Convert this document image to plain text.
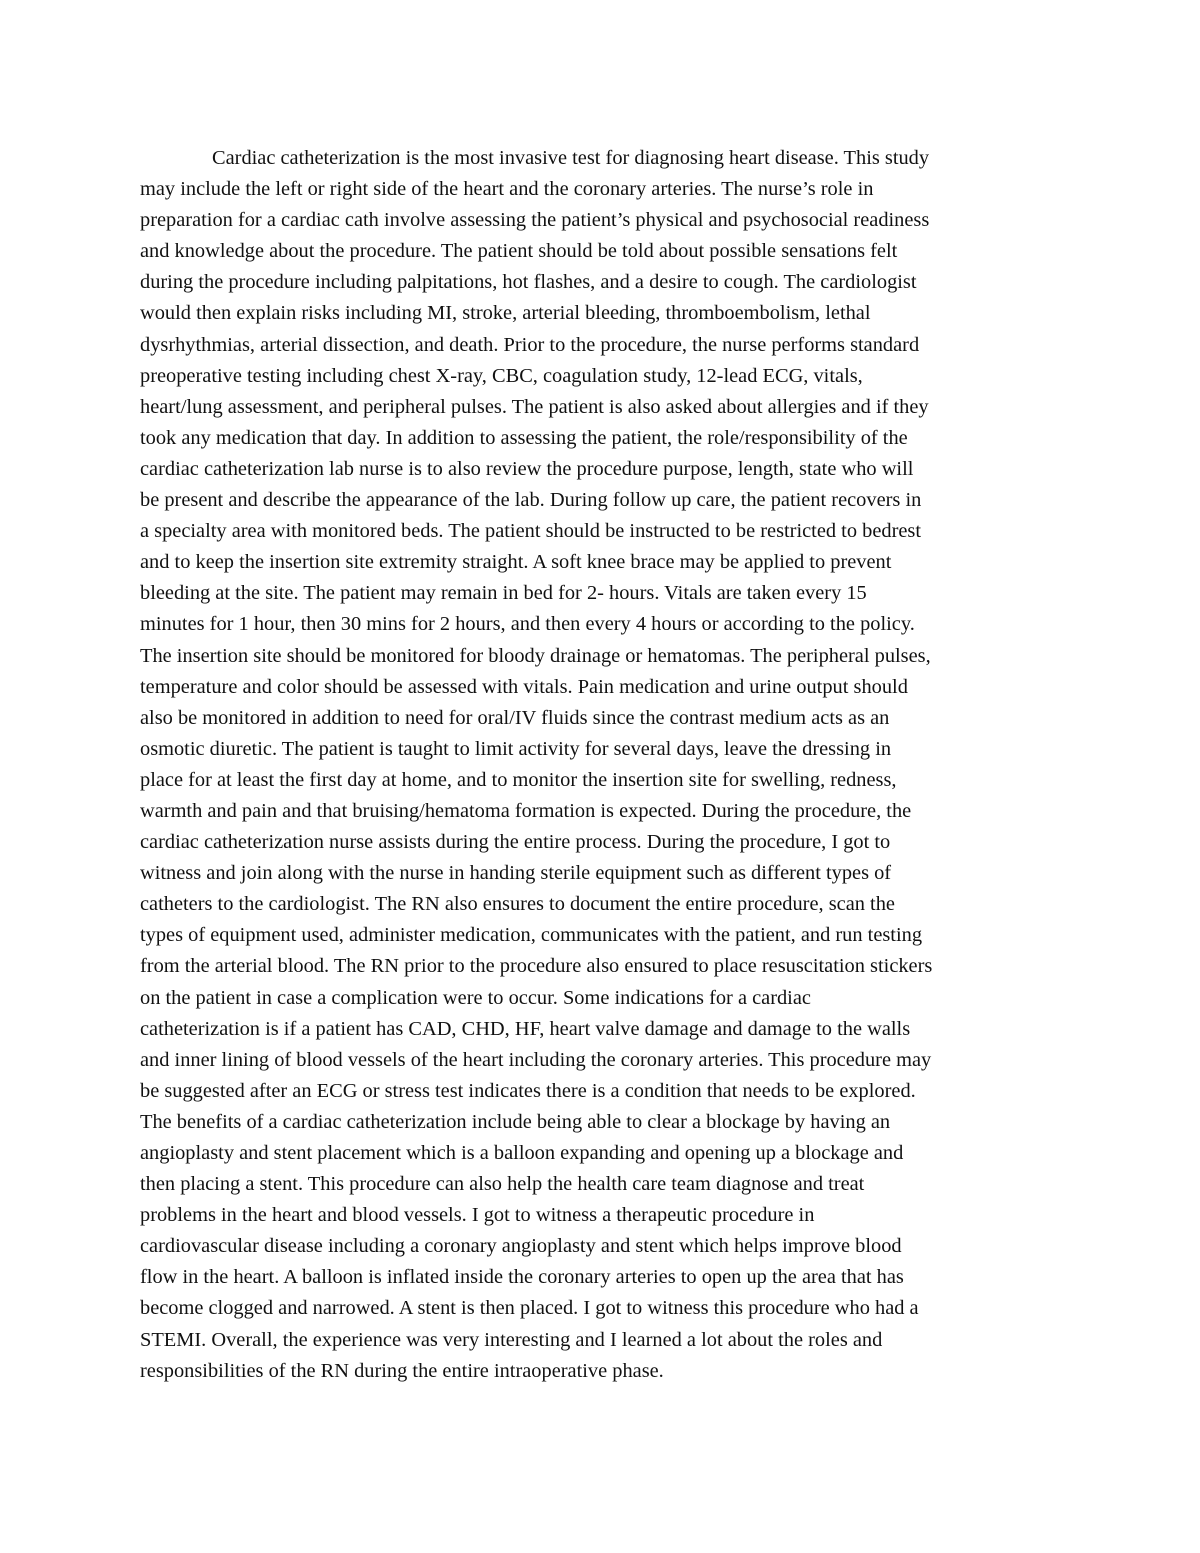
Cardiac catheterization is the most invasive test for diagnosing heart disease. This study
may include the left or right side of the heart and the coronary arteries. The nurse’s role in
preparation for a cardiac cath involve assessing the patient’s physical and psychosocial readiness
and knowledge about the procedure. The patient should be told about possible sensations felt
during the procedure including palpitations, hot flashes, and a desire to cough. The cardiologist
would then explain risks including MI, stroke, arterial bleeding, thromboembolism, lethal
dysrhythmias, arterial dissection, and death. Prior to the procedure, the nurse performs standard
preoperative testing including chest X-ray, CBC, coagulation study, 12-lead ECG, vitals,
heart/lung assessment, and peripheral pulses. The patient is also asked about allergies and if they
took any medication that day. In addition to assessing the patient, the role/responsibility of the
cardiac catheterization lab nurse is to also review the procedure purpose, length, state who will
be present and describe the appearance of the lab. During follow up care, the patient recovers in
a specialty area with monitored beds. The patient should be instructed to be restricted to bedrest
and to keep the insertion site extremity straight. A soft knee brace may be applied to prevent
bleeding at the site. The patient may remain in bed for 2- hours. Vitals are taken every 15
minutes for 1 hour, then 30 mins for 2 hours, and then every 4 hours or according to the policy.
The insertion site should be monitored for bloody drainage or hematomas. The peripheral pulses,
temperature and color should be assessed with vitals. Pain medication and urine output should
also be monitored in addition to need for oral/IV fluids since the contrast medium acts as an
osmotic diuretic. The patient is taught to limit activity for several days, leave the dressing in
place for at least the first day at home, and to monitor the insertion site for swelling, redness,
warmth and pain and that bruising/hematoma formation is expected. During the procedure, the
cardiac catheterization nurse assists during the entire process. During the procedure, I got to
witness and join along with the nurse in handing sterile equipment such as different types of
catheters to the cardiologist. The RN also ensures to document the entire procedure, scan the
types of equipment used, administer medication, communicates with the patient, and run testing
from the arterial blood. The RN prior to the procedure also ensured to place resuscitation stickers
on the patient in case a complication were to occur. Some indications for a cardiac
catheterization is if a patient has CAD, CHD, HF, heart valve damage and damage to the walls
and inner lining of blood vessels of the heart including the coronary arteries. This procedure may
be suggested after an ECG or stress test indicates there is a condition that needs to be explored.
The benefits of a cardiac catheterization include being able to clear a blockage by having an
angioplasty and stent placement which is a balloon expanding and opening up a blockage and
then placing a stent. This procedure can also help the health care team diagnose and treat
problems in the heart and blood vessels. I got to witness a therapeutic procedure in
cardiovascular disease including a coronary angioplasty and stent which helps improve blood
flow in the heart. A balloon is inflated inside the coronary arteries to open up the area that has
become clogged and narrowed. A stent is then placed. I got to witness this procedure who had a
STEMI. Overall, the experience was very interesting and I learned a lot about the roles and
responsibilities of the RN during the entire intraoperative phase.
